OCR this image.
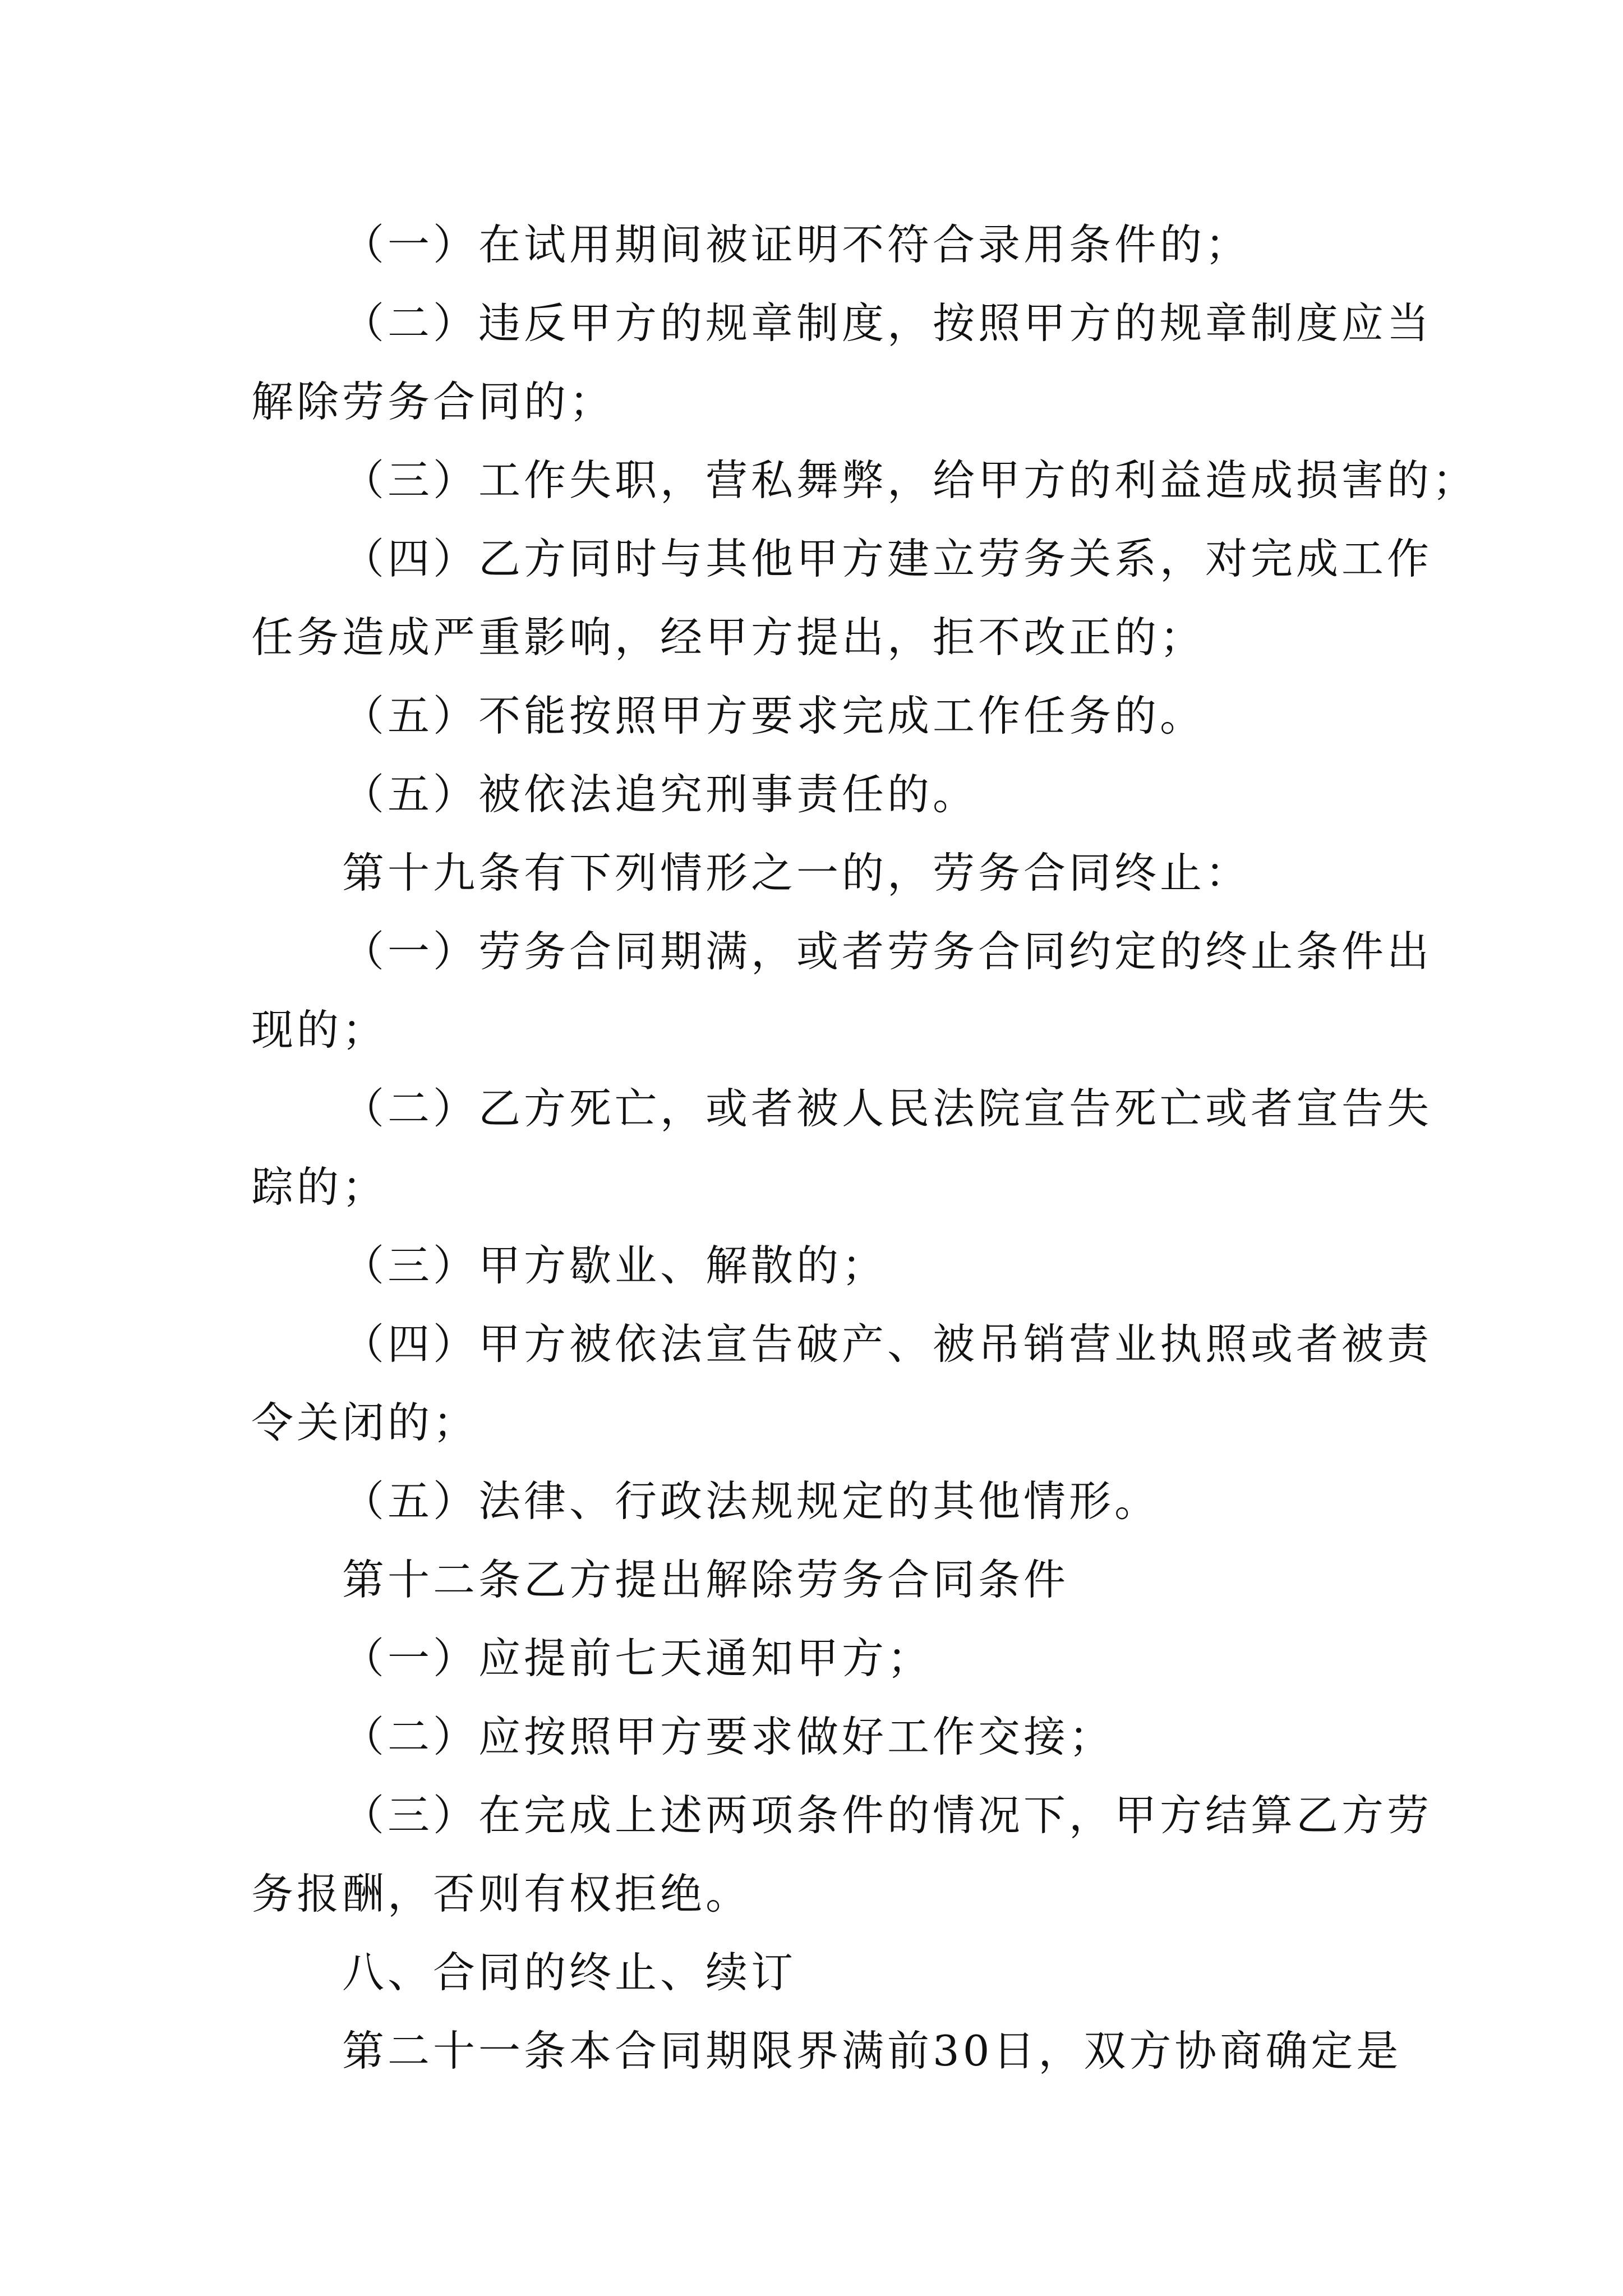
（一）在试用期间被证明不符合录用条件的；
（二）违反甲方的规章制度，按照甲方的规章制度应当
解除劳务合同的；
（三）工作失职，营私舞弊，给甲方的利益造成损害的；
（四）乙方同时与其他甲方建立劳务关系，对完成工作
任务造成严重影响，经甲方提出，拒不改正的；
（五）不能按照甲方要求完成工作任务的。
（五）被依法追究刑事责任的。
第十九条有下列情形之一的，劳务合同终止：
（一）劳务合同期满，或者劳务合同约定的终止条件出
现的；
（二）乙方死亡，或者被人民法院宣告死亡或者宣告失
踪的；
（三）甲方歇业、解散的；
（四）甲方被依法宣告破产、被吊销营业执照或者被责
令关闭的；
（五）法律、行政法规规定的其他情形。
第十二条乙方提出解除劳务合同条件
（一）应提前七天通知甲方；
（二）应按照甲方要求做好工作交接；
（三）在完成上述两项条件的情况下，甲方结算乙方劳
务报酬，否则有权拒绝。
八、合同的终止、续订
第二十一条本合同期限界满前30日，双方协商确定是
